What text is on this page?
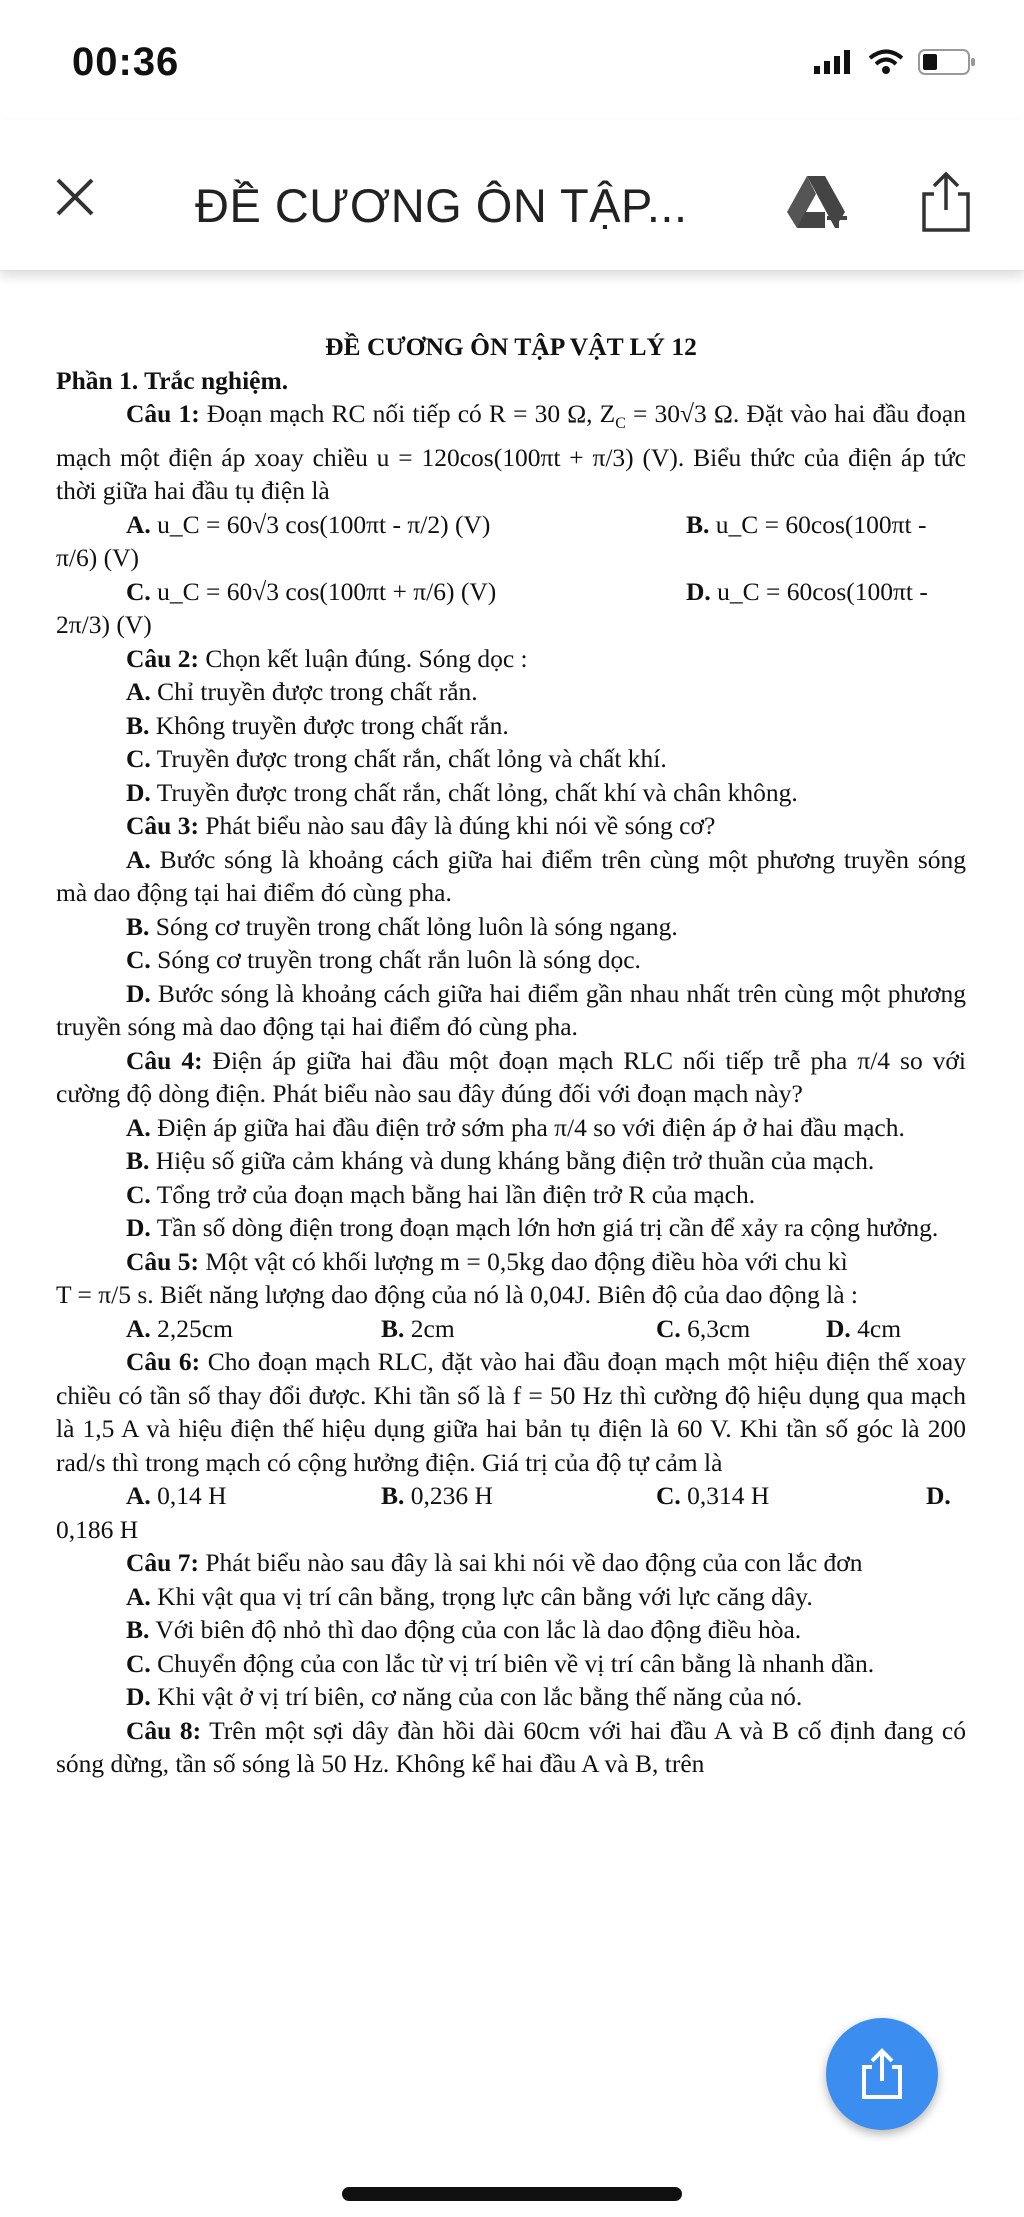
00:36
ĐỀ CƯƠNG ÔN TẬP...

ĐỀ CƯƠNG ÔN TẬP VẬT LÝ 12

Phần 1. Trắc nghiệm.

Câu 1: Đoạn mạch RC nối tiếp có R = 30 Ω, $Z_C = 30√3$ Ω. Đặt vào hai đầu đoạn mạch một điện áp xoay chiều u = 120cos(100πt + π/3) (V). Biểu thức của điện áp tức thời giữa hai đầu tụ điện là

A. u_C = 60√3 cos(100πt - π/2) (V)	B. u_C = 60cos(100πt -

π/6) (V)

C. u_C = 60√3 cos(100πt + π/6) (V)	D. u_C = 60cos(100πt -

2π/3) (V)

Câu 2: Chọn kết luận đúng. Sóng dọc :

A. Chỉ truyền được trong chất rắn.

B. Không truyền được trong chất rắn.

C. Truyền được trong chất rắn, chất lỏng và chất khí.

D. Truyền được trong chất rắn, chất lỏng, chất khí và chân không.

Câu 3: Phát biểu nào sau đây là đúng khi nói về sóng cơ?

A. Bước sóng là khoảng cách giữa hai điểm trên cùng một phương truyền sóng mà dao động tại hai điểm đó cùng pha.

B. Sóng cơ truyền trong chất lỏng luôn là sóng ngang.

C. Sóng cơ truyền trong chất rắn luôn là sóng dọc.

D. Bước sóng là khoảng cách giữa hai điểm gần nhau nhất trên cùng một phương truyền sóng mà dao động tại hai điểm đó cùng pha.

Câu 4: Điện áp giữa hai đầu một đoạn mạch RLC nối tiếp trễ pha π/4 so với cường độ dòng điện. Phát biểu nào sau đây đúng đối với đoạn mạch này?

A. Điện áp giữa hai đầu điện trở sớm pha π/4 so với điện áp ở hai đầu mạch.

B. Hiệu số giữa cảm kháng và dung kháng bằng điện trở thuần của mạch.

C. Tổng trở của đoạn mạch bằng hai lần điện trở R của mạch.

D. Tần số dòng điện trong đoạn mạch lớn hơn giá trị cần để xảy ra cộng hưởng.

Câu 5: Một vật có khối lượng m = 0,5kg dao động điều hòa với chu kì

T = π/5 s. Biết năng lượng dao động của nó là 0,04J. Biên độ của dao động là :

A. 2,25cm	B. 2cm	C. 6,3cm	D. 4cm

Câu 6: Cho đoạn mạch RLC, đặt vào hai đầu đoạn mạch một hiệu điện thế xoay chiều có tần số thay đổi được. Khi tần số là f = 50 Hz thì cường độ hiệu dụng qua mạch là 1,5 A và hiệu điện thế hiệu dụng giữa hai bản tụ điện là 60 V. Khi tần số góc là 200 rad/s thì trong mạch có cộng hưởng điện. Giá trị của độ tự cảm là

A. 0,14 H	B. 0,236 H	C. 0,314 H	D.

0,186 H

Câu 7: Phát biểu nào sau đây là sai khi nói về dao động của con lắc đơn

A. Khi vật qua vị trí cân bằng, trọng lực cân bằng với lực căng dây.

B. Với biên độ nhỏ thì dao động của con lắc là dao động điều hòa.

C. Chuyển động của con lắc từ vị trí biên về vị trí cân bằng là nhanh dần.

D. Khi vật ở vị trí biên, cơ năng của con lắc bằng thế năng của nó.

Câu 8: Trên một sợi dây đàn hồi dài 60cm với hai đầu A và B cố định đang có sóng dừng, tần số sóng là 50 Hz. Không kể hai đầu A và B, trên
